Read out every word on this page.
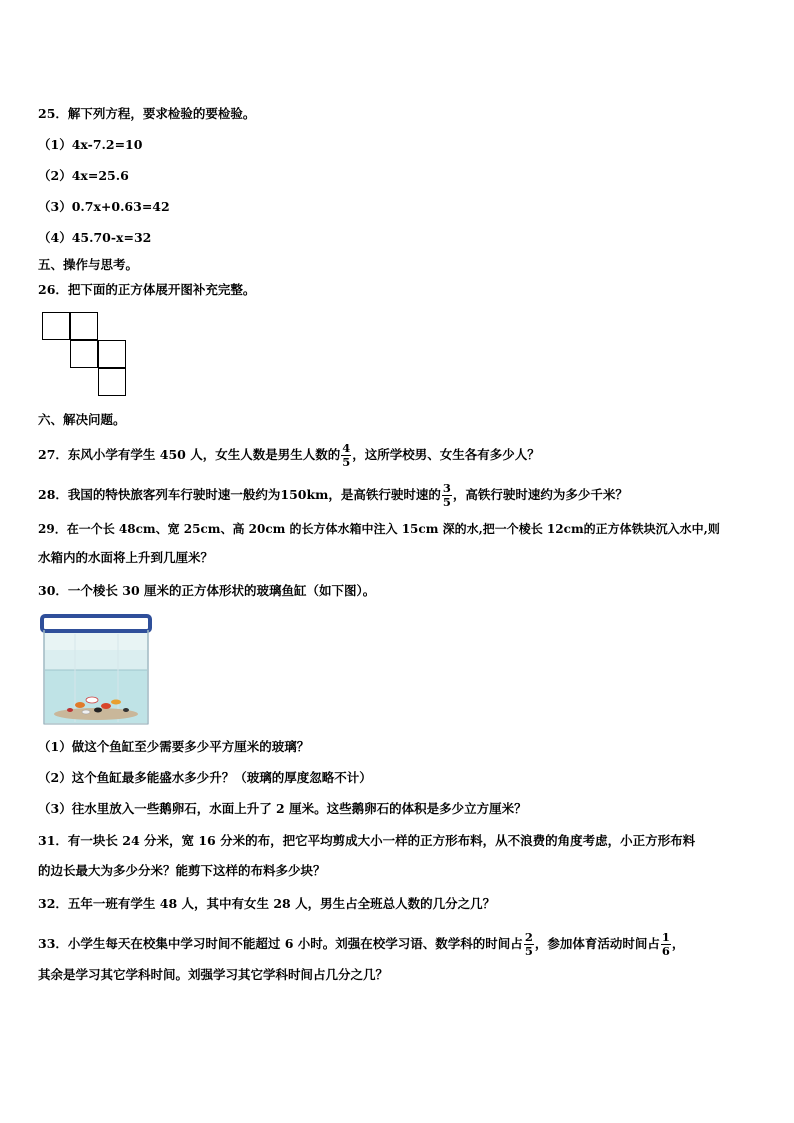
25．解下列方程，要求检验的要检验。
（1）4x-7.2=10
（2）4x=25.6
（3）0.7x+0.63=42
（4）45.70-x=32
五、操作与思考。
26．把下面的正方体展开图补充完整。
六、解决问题。
27．东风小学有学生 450 人，女生人数是男生人数的 $\frac{4}{5}$ ，这所学校男、女生各有多少人？
28．我国的特快旅客列车行驶时速一般约为150km，是高铁行驶时速的 $\frac{3}{5}$ ，高铁行驶时速约为多少千米？
29．在一个长 48cm、宽 25cm、高 20cm 的长方体水箱中注入 15cm 深的水,把一个棱长 12cm的正方体铁块沉入水中,则
水箱内的水面将上升到几厘米？
30．一个棱长 30 厘米的正方体形状的玻璃鱼缸（如下图）。
（1）做这个鱼缸至少需要多少平方厘米的玻璃？
（2）这个鱼缸最多能盛水多少升？（玻璃的厚度忽略不计）
（3）往水里放入一些鹅卵石，水面上升了 2 厘米。这些鹅卵石的体积是多少立方厘米？
31．有一块长 24 分米，宽 16 分米的布，把它平均剪成大小一样的正方形布料，从不浪费的角度考虑，小正方形布料
的边长最大为多少分米？能剪下这样的布料多少块？
32．五年一班有学生 48 人，其中有女生 28 人，男生占全班总人数的几分之几？
33．小学生每天在校集中学习时间不能超过 6 小时。刘强在校学习语、数学科的时间占 $\frac{2}{5}$ ，参加体育活动时间占 $\frac{1}{6}$ ，
其余是学习其它学科时间。刘强学习其它学科时间占几分之几？
